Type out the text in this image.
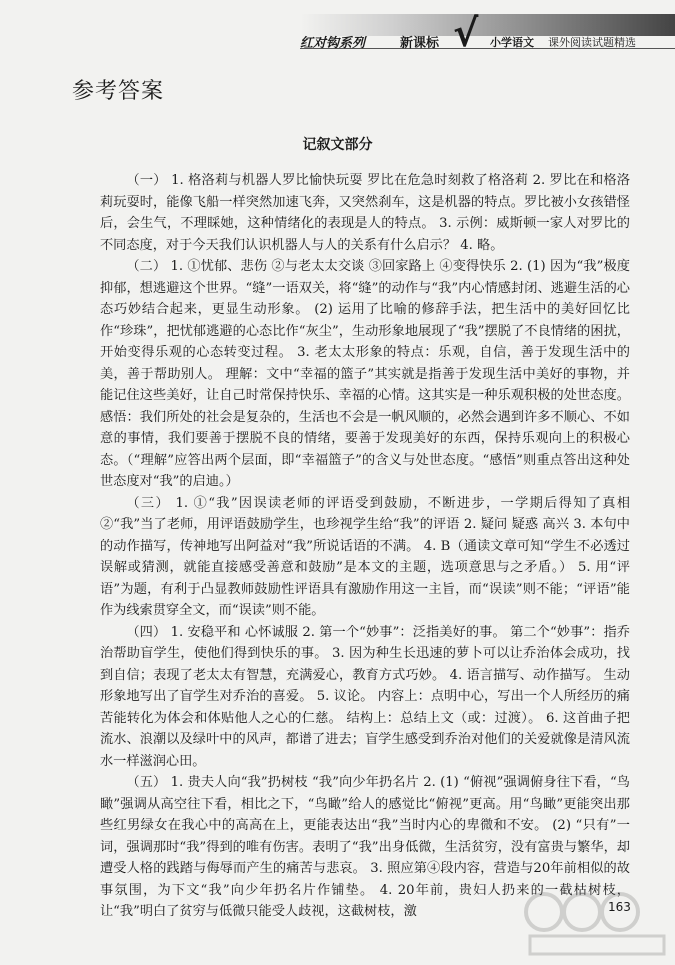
红对钩系列	新课标 √ 小学语文 课外阅读试题精选
参考答案
记叙文部分

（一） 1. 格洛莉与机器人罗比愉快玩耍 罗比在危急时刻救了格洛莉 2. 罗比在和格洛莉玩耍时，能像飞船一样突然加速飞奔，又突然刹车，这是机器的特点。罗比被小女孩错怪后，会生气，不理睬她，这种情绪化的表现是人的特点。 3. 示例：威斯顿一家人对罗比的不同态度，对于今天我们认识机器人与人的关系有什么启示？ 4. 略。

（二） 1. ①忧郁、悲伤 ②与老太太交谈 ③回家路上 ④变得快乐 2. (1) 因为“我”极度抑郁，想逃避这个世界。“缝”一语双关，将“缝”的动作与“我”内心情感封闭、逃避生活的心态巧妙结合起来，更显生动形象。 (2) 运用了比喻的修辞手法，把生活中的美好回忆比作“珍珠”，把忧郁逃避的心态比作“灰尘”，生动形象地展现了“我”摆脱了不良情绪的困扰，开始变得乐观的心态转变过程。 3. 老太太形象的特点：乐观，自信，善于发现生活中的美，善于帮助别人。 理解：文中“幸福的篮子”其实就是指善于发现生活中美好的事物，并能记住这些美好，让自己时常保持快乐、幸福的心情。这其实是一种乐观积极的处世态度。 感悟：我们所处的社会是复杂的，生活也不会是一帆风顺的，必然会遇到许多不顺心、不如意的事情，我们要善于摆脱不良的情绪，要善于发现美好的东西，保持乐观向上的积极心态。（“理解”应答出两个层面，即“幸福篮子”的含义与处世态度。“感悟”则重点答出这种处世态度对“我”的启迪。）

（三） 1. ①“我”因误读老师的评语受到鼓励，不断进步，一学期后得知了真相 ②“我”当了老师，用评语鼓励学生，也珍视学生给“我”的评语 2. 疑问 疑惑 高兴 3. 本句中的动作描写，传神地写出阿益对“我”所说话语的不满。 4. B（通读文章可知“学生不必透过误解或猜测，就能直接感受善意和鼓励”是本文的主题，选项意思与之矛盾。） 5. 用“评语”为题，有利于凸显教师鼓励性评语具有激励作用这一主旨，而“误读”则不能；“评语”能作为线索贯穿全文，而“误读”则不能。

（四） 1. 安稳平和 心怀诚服 2. 第一个“妙事”：泛指美好的事。 第二个“妙事”：指乔治帮助盲学生，使他们得到快乐的事。 3. 因为种生长迅速的萝卜可以让乔治体会成功，找到自信；表现了老太太有智慧，充满爱心，教育方式巧妙。 4. 语言描写、动作描写。 生动形象地写出了盲学生对乔治的喜爱。 5. 议论。 内容上：点明中心，写出一个人所经历的痛苦能转化为体会和体贴他人之心的仁慈。 结构上：总结上文（或：过渡）。 6. 这首曲子把流水、浪潮以及绿叶中的风声，都谱了进去；盲学生感受到乔治对他们的关爱就像是清风流水一样滋润心田。

（五） 1. 贵夫人向“我”扔树枝 “我”向少年扔名片 2. (1) “俯视”强调俯身往下看，“鸟瞰”强调从高空往下看，相比之下，“鸟瞰”给人的感觉比“俯视”更高。用“鸟瞰”更能突出那些红男绿女在我心中的高高在上，更能表达出“我”当时内心的卑微和不安。 (2) “只有”一词，强调那时“我”得到的唯有伤害。表明了“我”出身低微，生活贫穷，没有富贵与繁华，却遭受人格的践踏与侮辱而产生的痛苦与悲哀。 3. 照应第④段内容，营造与20年前相似的故事氛围，为下文“我”向少年扔名片作铺垫。 4. 20年前，贵妇人扔来的一截枯树枝，让“我”明白了贫穷与低微只能受人歧视，这截树枝，激	163
